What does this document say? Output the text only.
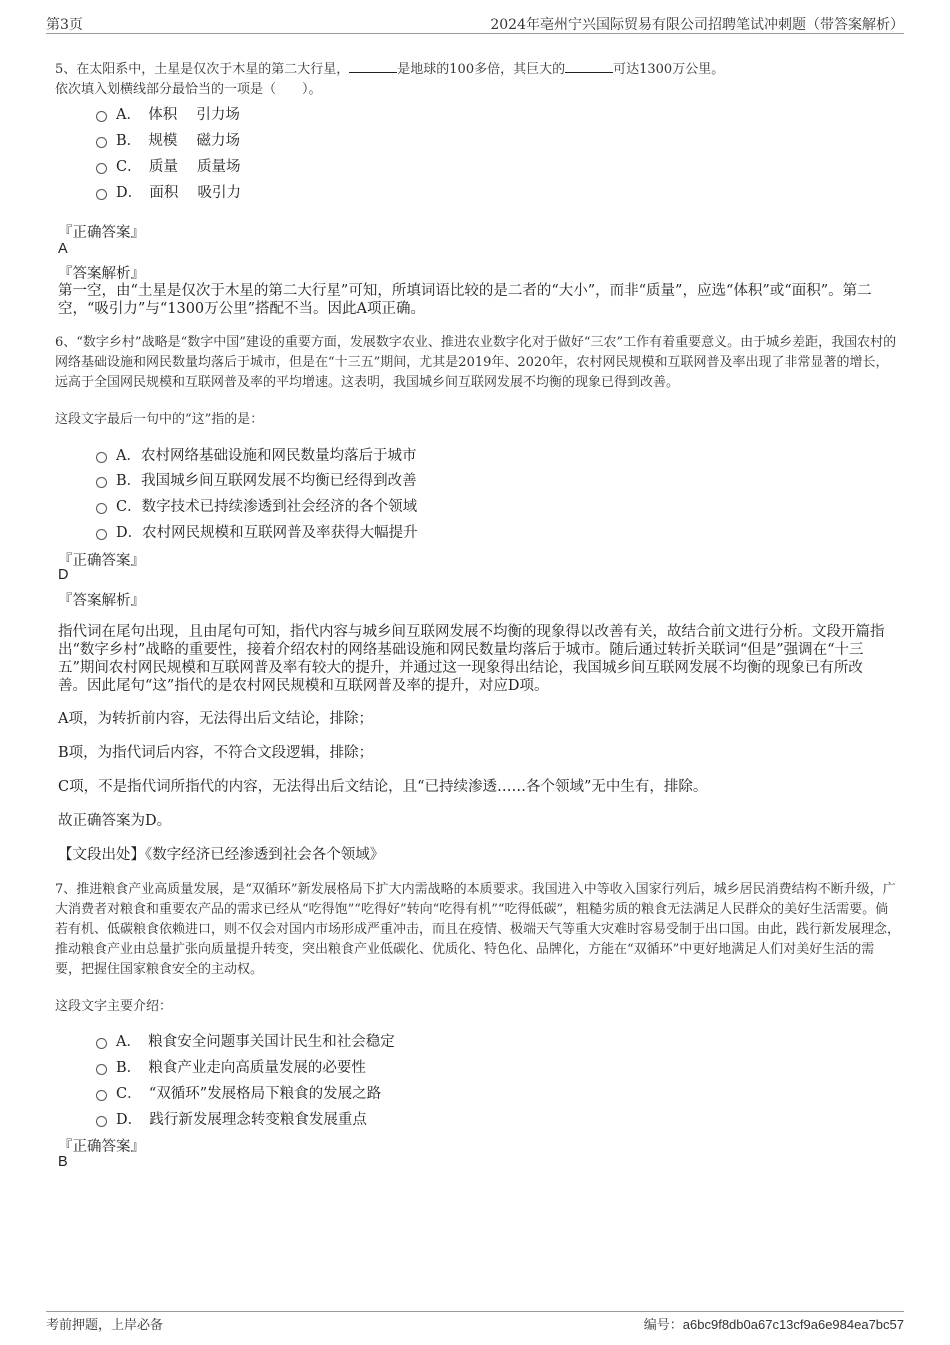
第3页	2024年亳州宁兴国际贸易有限公司招聘笔试冲刺题（带答案解析）
5、在太阳系中，土星是仅次于木星的第二大行星，	是地球的100多倍，其巨大的	可达1300万公里。
依次填入划横线部分最恰当的一项是（　　）。
A．　体积　 引力场
B．　规模　 磁力场
C．　质量　 质量场
D．　面积　 吸引力
『正确答案』
A
『答案解析』
第一空，由“土星是仅次于木星的第二大行星”可知，所填词语比较的是二者的“大小”，而非“质量”，应选“体积”或“面积”。第二空，“吸引力”与“1300万公里”搭配不当。因此A项正确。
6、“数字乡村”战略是“数字中国”建设的重要方面，发展数字农业、推进农业数字化对于做好“三农”工作有着重要意义。由于城乡差距，我国农村的网络基础设施和网民数量均落后于城市，但是在“十三五”期间，尤其是2019年、2020年，农村网民规模和互联网普及率出现了非常显著的增长，远高于全国网民规模和互联网普及率的平均增速。这表明，我国城乡间互联网发展不均衡的现象已得到改善。
这段文字最后一句中的“这”指的是：
A．农村网络基础设施和网民数量均落后于城市
B．我国城乡间互联网发展不均衡已经得到改善
C．数字技术已持续渗透到社会经济的各个领域
D．农村网民规模和互联网普及率获得大幅提升
『正确答案』
D
『答案解析』
指代词在尾句出现，且由尾句可知，指代内容与城乡间互联网发展不均衡的现象得以改善有关，故结合前文进行分析。文段开篇指出“数字乡村”战略的重要性，接着介绍农村的网络基础设施和网民数量均落后于城市。随后通过转折关联词“但是”强调在“十三五”期间农村网民规模和互联网普及率有较大的提升，并通过这一现象得出结论，我国城乡间互联网发展不均衡的现象已有所改善。因此尾句“这”指代的是农村网民规模和互联网普及率的提升，对应D项。
A项，为转折前内容，无法得出后文结论，排除；
B项，为指代词后内容，不符合文段逻辑，排除；
C项，不是指代词所指代的内容，无法得出后文结论，且“已持续渗透……各个领域”无中生有，排除。
故正确答案为D。
【文段出处】《数字经济已经渗透到社会各个领域》
7、推进粮食产业高质量发展，是“双循环”新发展格局下扩大内需战略的本质要求。我国进入中等收入国家行列后，城乡居民消费结构不断升级，广大消费者对粮食和重要农产品的需求已经从“吃得饱”“吃得好”转向“吃得有机”“吃得低碳”，粗糙劣质的粮食无法满足人民群众的美好生活需要。倘若有机、低碳粮食依赖进口，则不仅会对国内市场形成严重冲击，而且在疫情、极端天气等重大灾难时容易受制于出口国。由此，践行新发展理念，推动粮食产业由总量扩张向质量提升转变，突出粮食产业低碳化、优质化、特色化、品牌化，方能在“双循环”中更好地满足人们对美好生活的需要，把握住国家粮食安全的主动权。
这段文字主要介绍：
A．　粮食安全问题事关国计民生和社会稳定
B．　粮食产业走向高质量发展的必要性
C．　“双循环”发展格局下粮食的发展之路
D．　践行新发展理念转变粮食发展重点
『正确答案』
B
考前押题，上岸必备	编号：a6bc9f8db0a67c13cf9a6e984ea7bc57
